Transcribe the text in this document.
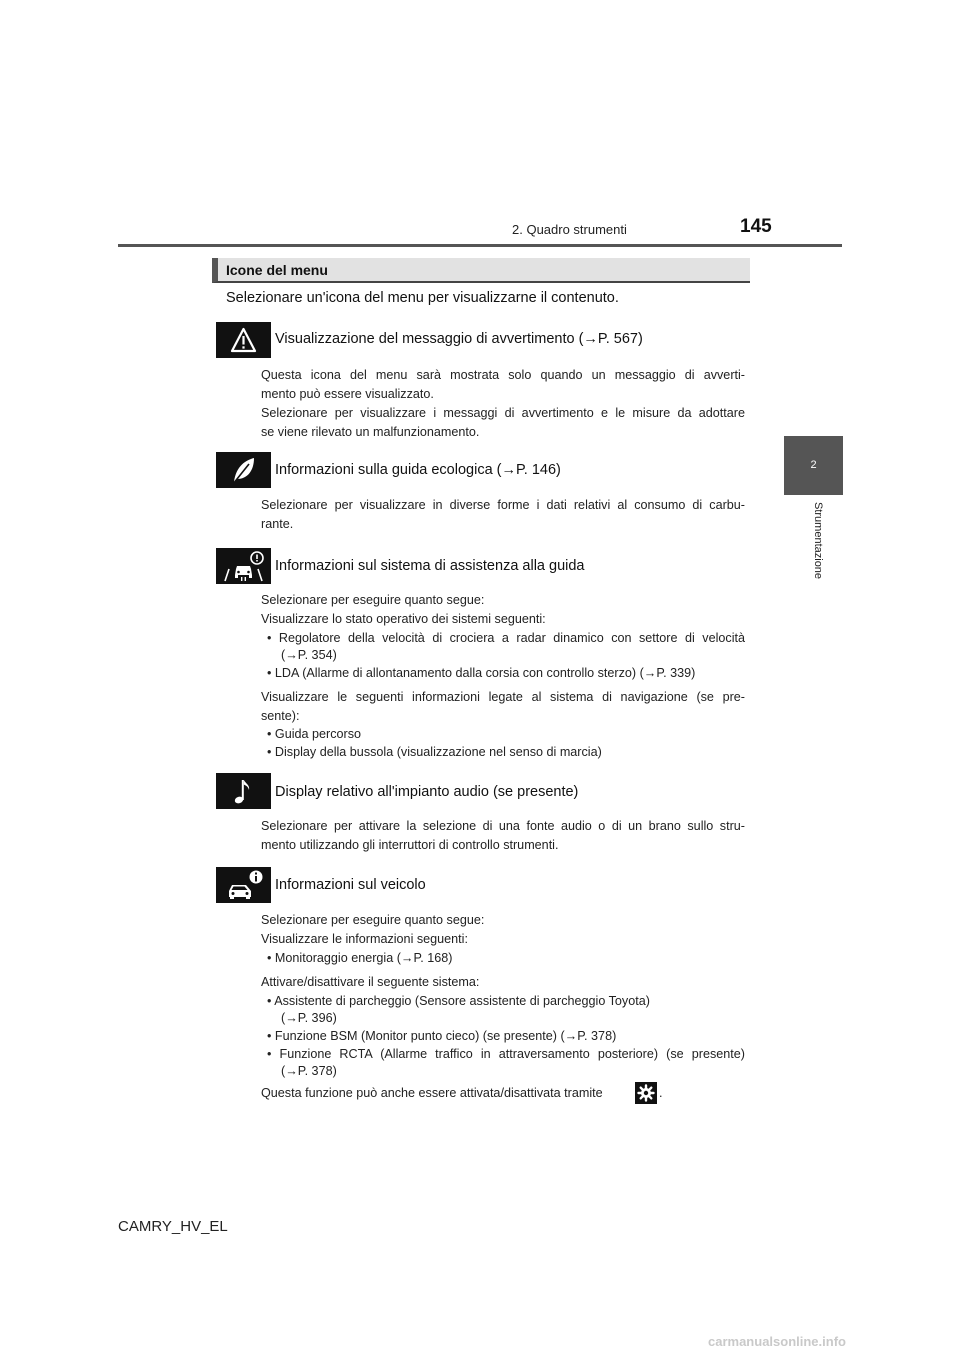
2. Quadro strumenti	145
2
Strumentazione
Icone del menu
Selezionare un'icona del menu per visualizzarne il contenuto.
Visualizzazione del messaggio di avvertimento (→P. 567)
Questa icona del menu sarà mostrata solo quando un messaggio di avverti-
mento può essere visualizzato.
Selezionare per visualizzare i messaggi di avvertimento e le misure da adottare
se viene rilevato un malfunzionamento.
Informazioni sulla guida ecologica (→P. 146)
Selezionare per visualizzare in diverse forme i dati relativi al consumo di carbu-
rante.
Informazioni sul sistema di assistenza alla guida
Selezionare per eseguire quanto segue:
Visualizzare lo stato operativo dei sistemi seguenti:
• Regolatore della velocità di crociera a radar dinamico con settore di velocità
(→P. 354)
• LDA (Allarme di allontanamento dalla corsia con controllo sterzo) (→P. 339)
Visualizzare le seguenti informazioni legate al sistema di navigazione (se pre-
sente):
• Guida percorso
• Display della bussola (visualizzazione nel senso di marcia)
Display relativo all'impianto audio (se presente)
Selezionare per attivare la selezione di una fonte audio o di un brano sullo stru-
mento utilizzando gli interruttori di controllo strumenti.
Informazioni sul veicolo
Selezionare per eseguire quanto segue:
Visualizzare le informazioni seguenti:
• Monitoraggio energia (→P. 168)
Attivare/disattivare il seguente sistema:
• Assistente di parcheggio (Sensore assistente di parcheggio Toyota)
(→P. 396)
• Funzione BSM (Monitor punto cieco) (se presente) (→P. 378)
• Funzione RCTA (Allarme traffico in attraversamento posteriore) (se presente)
(→P. 378)
Questa funzione può anche essere attivata/disattivata tramite	.
CAMRY_HV_EL
carmanualsonline.info
